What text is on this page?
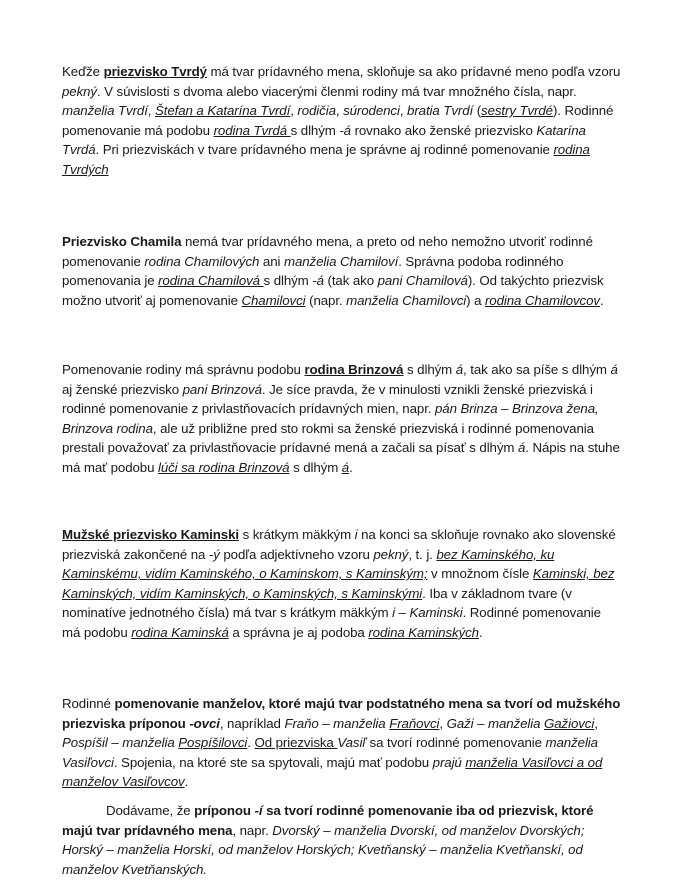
Keďže priezvisko Tvrdý má tvar prídavného mena, skloňuje sa ako prídavné meno podľa vzoru pekný. V súvislosti s dvoma alebo viacerými členmi rodiny má tvar množného čísla, napr. manželia Tvrdí, Štefan a Katarína Tvrdí, rodičia, súrodenci, bratia Tvrdí (sestry Tvrdé). Rodinné pomenovanie má podobu rodina Tvrdá s dlhým -á rovnako ako ženské priezvisko Katarína Tvrdá. Pri priezviskách v tvare prídavného mena je správne aj rodinné pomenovanie rodina Tvrdých
Priezvisko Chamila nemá tvar prídavného mena, a preto od neho nemožno utvoriť rodinné pomenovanie rodina Chamilových ani manželia Chamiloví. Správna podoba rodinného pomenovania je rodina Chamilová s dlhým -á (tak ako pani Chamilová). Od takýchto priezvisk možno utvoriť aj pomenovanie Chamilovci (napr. manželia Chamilovci) a rodina Chamilovcov.
Pomenovanie rodiny má správnu podobu rodina Brinzová s dlhým á, tak ako sa píše s dlhým á aj ženské priezvisko pani Brinzová. Je síce pravda, že v minulosti vznikli ženské priezviská i rodinné pomenovanie z privlastňovacích prídavných mien, napr. pán Brinza – Brinzova žena, Brinzova rodina, ale už približne pred sto rokmi sa ženské priezviská i rodinné pomenovania prestali považovať za privlastňovacie prídavné mená a začali sa písať s dlhým á. Nápis na stuhe má mať podobu lúči sa rodina Brinzová s dlhým á.
Mužské priezvisko Kaminski s krátkym mäkkým i na konci sa skloňuje rovnako ako slovenské priezviská zakončené na -ý podľa adjektívneho vzoru pekný, t. j. bez Kaminského, ku Kaminskému, vidím Kaminského, o Kaminskom, s Kaminským; v množnom čísle Kaminski, bez Kaminských, vidím Kaminských, o Kaminských, s Kaminskými. Iba v základnom tvare (v nominatíve jednotného čísla) má tvar s krátkym mäkkým i – Kaminski. Rodinné pomenovanie má podobu rodina Kaminská a správna je aj podoba rodina Kaminských.
Rodinné pomenovanie manželov, ktoré majú tvar podstatného mena sa tvorí od mužského priezviska príponou -ovci, napríklad Fraňo – manželia Fraňovci, Gaži – manželia Gažiovci, Pospíšil – manželia Pospíšilovci. Od priezviska Vasiľ sa tvorí rodinné pomenovanie manželia Vasiľovci. Spojenia, na ktoré ste sa spytovali, majú mať podobu prajú manželia Vasiľovci a od manželov Vasiľovcov.
Dodávame, že príponou -í sa tvorí rodinné pomenovanie iba od priezvisk, ktoré majú tvar prídavného mena, napr. Dvorský – manželia Dvorskí, od manželov Dvorských; Horský – manželia Horskí, od manželov Horských; Kvetňanský – manželia Kvetňanskí, od manželov Kvetňanských.
